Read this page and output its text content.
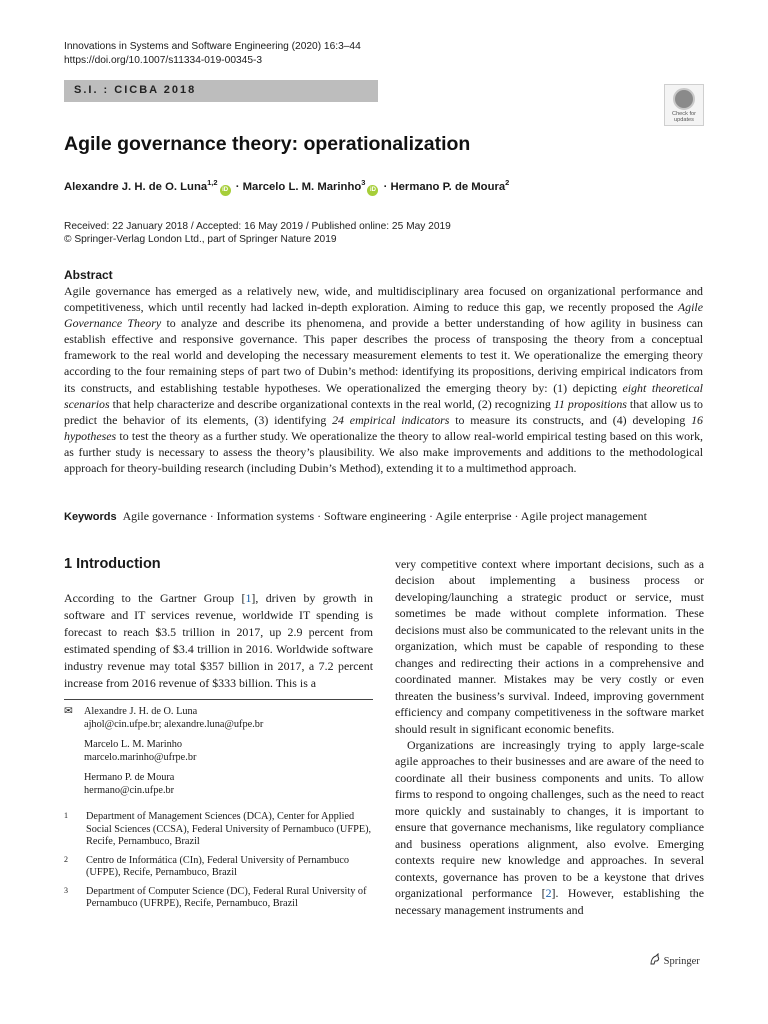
Innovations in Systems and Software Engineering (2020) 16:3–44
https://doi.org/10.1007/s11334-019-00345-3
S.I. : CICBA 2018
Check for
updates
Agile governance theory: operationalization
Alexandre J. H. de O. Luna$^{1,2}$iD · Marcelo L. M. Marinho$^3$iD · Hermano P. de Moura$^2$
Received: 22 January 2018 / Accepted: 16 May 2019 / Published online: 25 May 2019
© Springer-Verlag London Ltd., part of Springer Nature 2019
Abstract
Agile governance has emerged as a relatively new, wide, and multidisciplinary area focused on organizational performance and competitiveness, which until recently had lacked in-depth exploration. Aiming to reduce this gap, we recently proposed the Agile Governance Theory to analyze and describe its phenomena, and provide a better understanding of how agility in business can establish effective and responsive governance. This paper describes the process of transposing the theory from a conceptual framework to the real world and developing the necessary measurement elements to test it. We operationalize the emerging theory according to the four remaining steps of part two of Dubin’s method: identifying its propositions, deriving empirical indicators from its constructs, and establishing testable hypotheses. We operationalized the emerging theory by: (1) depicting eight theoretical scenarios that help characterize and describe organizational contexts in the real world, (2) recognizing 11 propositions that allow us to predict the behavior of its elements, (3) identifying 24 empirical indicators to measure its constructs, and (4) developing 16 hypotheses to test the theory as a further study. We operationalize the theory to allow real-world empirical testing based on this work, as further study is necessary to assess the theory’s plausibility. We also make improvements and additions to the methodological approach for theory-building research (including Dubin’s Method), extending it to a multimethod approach.
Keywords Agile governance · Information systems · Software engineering · Agile enterprise · Agile project management
1 Introduction
According to the Gartner Group [1], driven by growth in software and IT services revenue, worldwide IT spending is forecast to reach $3.5 trillion in 2017, up 2.9 percent from estimated spending of $3.4 trillion in 2016. Worldwide software industry revenue may total $357 billion in 2017, a 7.2 percent increase from 2016 revenue of $333 billion. This is a
✉	Alexandre J. H. de O. Luna
ajhol@cin.ufpe.br; alexandre.luna@ufpe.br
Marcelo L. M. Marinho
marcelo.marinho@ufrpe.br
Hermano P. de Moura
hermano@cin.ufpe.br
1	Department of Management Sciences (DCA), Center for Applied Social Sciences (CCSA), Federal University of Pernambuco (UFPE), Recife, Pernambuco, Brazil
2	Centro de Informática (CIn), Federal University of Pernambuco (UFPE), Recife, Pernambuco, Brazil
3	Department of Computer Science (DC), Federal Rural University of Pernambuco (UFRPE), Recife, Pernambuco, Brazil

very competitive context where important decisions, such as a decision about implementing a business process or developing/launching a strategic product or service, must sometimes be made without complete information. These decisions must also be communicated to the relevant units in the organization, which must be capable of responding to these changes and redirecting their actions in a comprehensive and coordinated manner. Mistakes may be very costly or even threaten the business’s survival. Indeed, improving government efficiency and company competitiveness in the software market should result in significant economic benefits.

Organizations are increasingly trying to apply large-scale agile approaches to their businesses and are aware of the need to coordinate all their business components and units. To allow firms to respond to ongoing challenges, such as the need to react more quickly and sustainably to changes, it is important to ensure that governance mechanisms, like regulatory compliance and business operations alignment, also evolve. Emerging contexts require new knowledge and approaches. In several contexts, governance has proven to be a keystone that drives organizational performance [2]. However, establishing the necessary management instruments and

Springer
